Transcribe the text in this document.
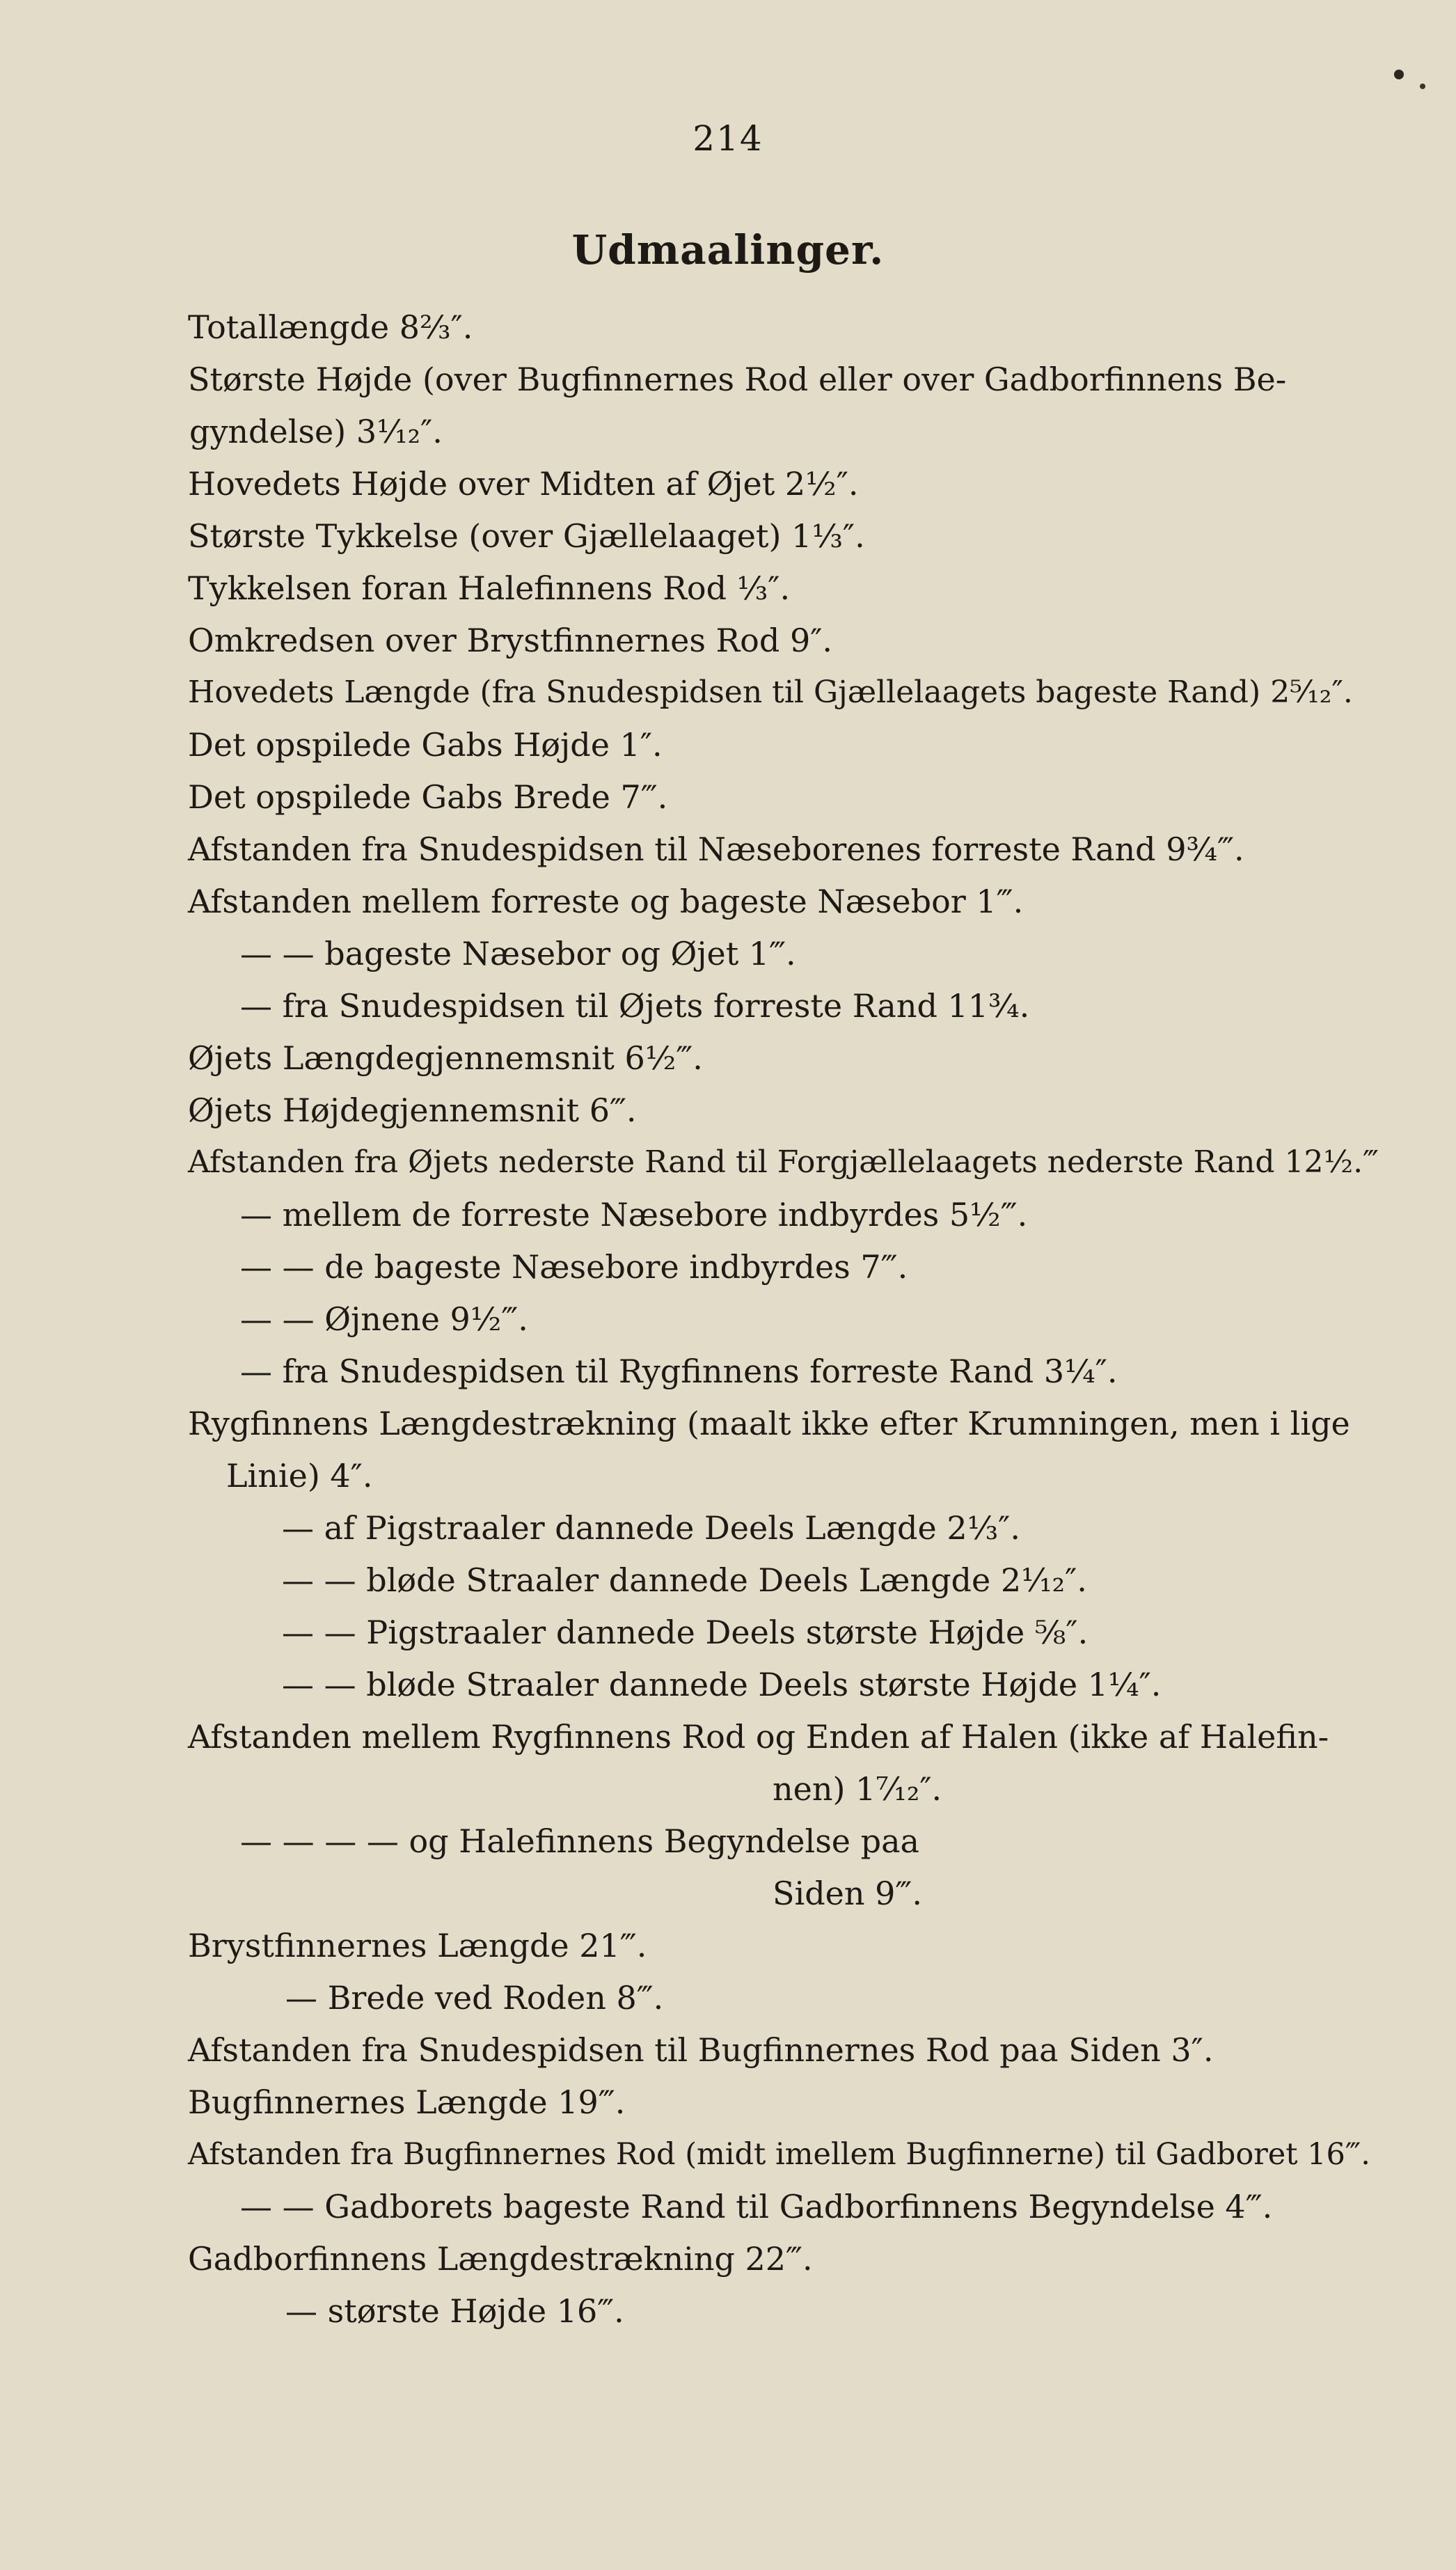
214
Udmaalinger.
Totallængde 8⅔″.
Største Højde (over Bugfinnernes Rod eller over Gadborfinnens Be-
gyndelse) 3¹⁄₁₂″.
Hovedets Højde over Midten af Øjet 2½″.
Største Tykkelse (over Gjællelaaget) 1⅓″.
Tykkelsen foran Halefinnens Rod ⅓″.
Omkredsen over Brystfinnernes Rod 9″.
Hovedets Længde (fra Snudespidsen til Gjællelaagets bageste Rand) 2⁵⁄₁₂″.
Det opspilede Gabs Højde 1″.
Det opspilede Gabs Brede 7‴.
Afstanden fra Snudespidsen til Næseborenes forreste Rand 9¾‴.
Afstanden mellem forreste og bageste Næsebor 1‴.
— — bageste Næsebor og Øjet 1‴.
— fra Snudespidsen til Øjets forreste Rand 11¾.
Øjets Længdegjennemsnit 6½‴.
Øjets Højdegjennemsnit 6‴.
Afstanden fra Øjets nederste Rand til Forgjællelaagets nederste Rand 12½.‴
— mellem de forreste Næsebore indbyrdes 5½‴.
— — de bageste Næsebore indbyrdes 7‴.
— — Øjnene 9½‴.
— fra Snudespidsen til Rygfinnens forreste Rand 3¼″.
Rygfinnens Længdestrækning (maalt ikke efter Krumningen, men i lige
Linie) 4″.
— af Pigstraaler dannede Deels Længde 2⅓″.
— — bløde Straaler dannede Deels Længde 2¹⁄₁₂″.
— — Pigstraaler dannede Deels største Højde ⅝″.
— — bløde Straaler dannede Deels største Højde 1¼″.
Afstanden mellem Rygfinnens Rod og Enden af Halen (ikke af Halefin-
nen) 1⁷⁄₁₂″.
— — — — og Halefinnens Begyndelse paa
Siden 9‴.
Brystfinnernes Længde 21‴.
— Brede ved Roden 8‴.
Afstanden fra Snudespidsen til Bugfinnernes Rod paa Siden 3″.
Bugfinnernes Længde 19‴.
Afstanden fra Bugfinnernes Rod (midt imellem Bugfinnerne) til Gadboret 16‴.
— — Gadborets bageste Rand til Gadborfinnens Begyndelse 4‴.
Gadborfinnens Længdestrækning 22‴.
— største Højde 16‴.
